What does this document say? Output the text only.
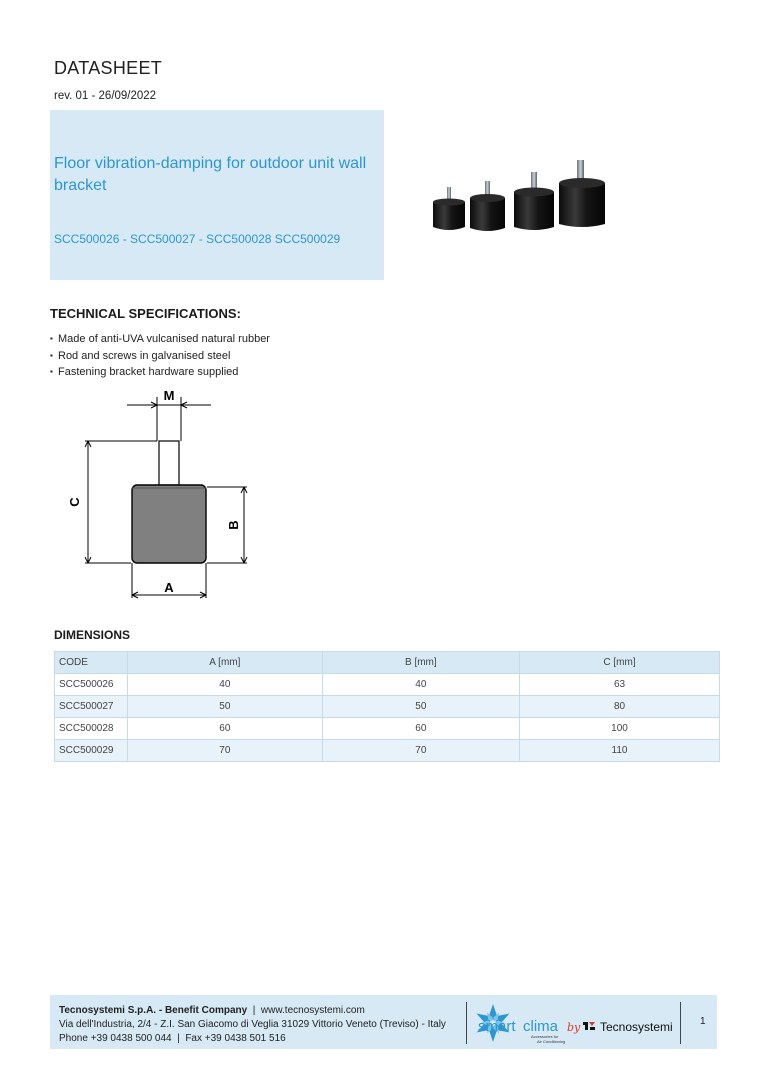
DATASHEET
rev. 01 - 26/09/2022
Floor vibration-damping for outdoor unit wall bracket
SCC500026 - SCC500027 - SCC500028 SCC500029
TECHNICAL SPECIFICATIONS:
▪ Made of anti-UVA vulcanised natural rubber
▪ Rod and screws in galvanised steel
▪ Fastening bracket hardware supplied
M
C
B
A
DIMENSIONS
CODE	A [mm]	B [mm]	C [mm]
SCC500026	40	40	63
SCC500027	50	50	80
SCC500028	60	60	100
SCC500029	70	70	110
Tecnosystemi S.p.A. - Benefit Company  |  www.tecnosystemi.com
Via dell'Industria, 2/4 - Z.I. San Giacomo di Veglia 31029 Vittorio Veneto (Treviso) - Italy
Phone +39 0438 500 044  |  Fax +39 0438 501 516
smart clima
Accessories for
Air Conditioning
by Tecnosystemi	1
